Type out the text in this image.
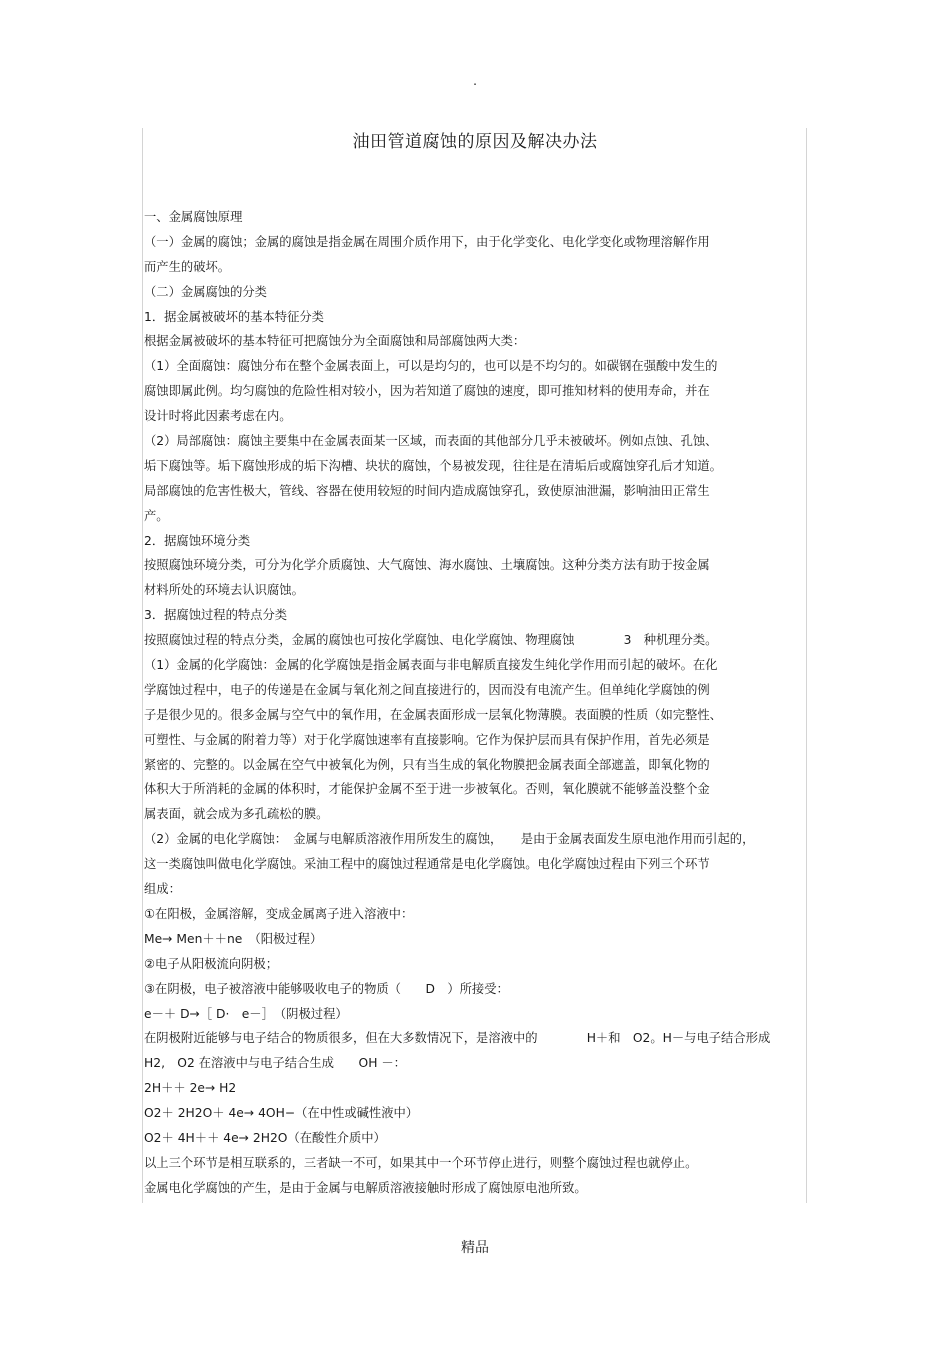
.
油田管道腐蚀的原因及解决办法
一、金属腐蚀原理
（一）金属的腐蚀；金属的腐蚀是指金属在周围介质作用下，由于化学变化、电化学变化或物理溶解作用
而产生的破坏。
（二）金属腐蚀的分类
1．据金属被破坏的基本特征分类
根据金属被破坏的基本特征可把腐蚀分为全面腐蚀和局部腐蚀两大类：
（1）全面腐蚀：腐蚀分布在整个金属表面上，可以是均匀的，也可以是不均匀的。如碳钢在强酸中发生的
腐蚀即属此例。均匀腐蚀的危险性相对较小，因为若知道了腐蚀的速度，即可推知材料的使用寿命，并在
设计时将此因素考虑在内。
（2）局部腐蚀：腐蚀主要集中在金属表面某一区域，而表面的其他部分几乎未被破坏。例如点蚀、孔蚀、
垢下腐蚀等。垢下腐蚀形成的垢下沟槽、块状的腐蚀，个易被发现，往往是在清垢后或腐蚀穿孔后才知道。
局部腐蚀的危害性极大，管线、容器在使用较短的时间内造成腐蚀穿孔，致使原油泄漏，影响油田正常生
产。
2．据腐蚀环境分类
按照腐蚀环境分类，可分为化学介质腐蚀、大气腐蚀、海水腐蚀、土壤腐蚀。这种分类方法有助于按金属
材料所处的环境去认识腐蚀。
3．据腐蚀过程的特点分类
按照腐蚀过程的特点分类，金属的腐蚀也可按化学腐蚀、电化学腐蚀、物理腐蚀　　　　3　种机理分类。
（1）金属的化学腐蚀：金属的化学腐蚀是指金属表面与非电解质直接发生纯化学作用而引起的破坏。在化
学腐蚀过程中，电子的传递是在金属与氧化剂之间直接进行的，因而没有电流产生。但单纯化学腐蚀的例
子是很少见的。很多金属与空气中的氧作用，在金属表面形成一层氧化物薄膜。表面膜的性质（如完整性、
可塑性、与金属的附着力等）对于化学腐蚀速率有直接影响。它作为保护层而具有保护作用，首先必须是
紧密的、完整的。以金属在空气中被氧化为例，只有当生成的氧化物膜把金属表面全部遮盖，即氧化物的
体积大于所消耗的金属的体积时，才能保护金属不至于进一步被氧化。否则，氧化膜就不能够盖没整个金
属表面，就会成为多孔疏松的膜。
（2）金属的电化学腐蚀：　金属与电解质溶液作用所发生的腐蚀，　　是由于金属表面发生原电池作用而引起的，
这一类腐蚀叫做电化学腐蚀。采油工程中的腐蚀过程通常是电化学腐蚀。电化学腐蚀过程由下列三个环节
组成：
①在阳极，金属溶解，变成金属离子进入溶液中：
Me→ Men＋＋ne　（阳极过程）
②电子从阳极流向阴极；
③在阴极，电子被溶液中能够吸收电子的物质（　　D　）所接受：
e－＋ D→［ D·　e－］　（阴极过程）
在阴极附近能够与电子结合的物质很多，但在大多数情况下，是溶液中的　　　　H＋和　O2。H－与电子结合形成
H2,　O2 在溶液中与电子结合生成　　OH －：
2H＋＋ 2e→ H2
O2＋ 2H2O＋ 4e→ 4OH−（在中性或碱性液中）
O2＋ 4H＋＋ 4e→ 2H2O（在酸性介质中）
以上三个环节是相互联系的，三者缺一不可，如果其中一个环节停止进行，则整个腐蚀过程也就停止。
金属电化学腐蚀的产生，是由于金属与电解质溶液接触时形成了腐蚀原电池所致。
精品
